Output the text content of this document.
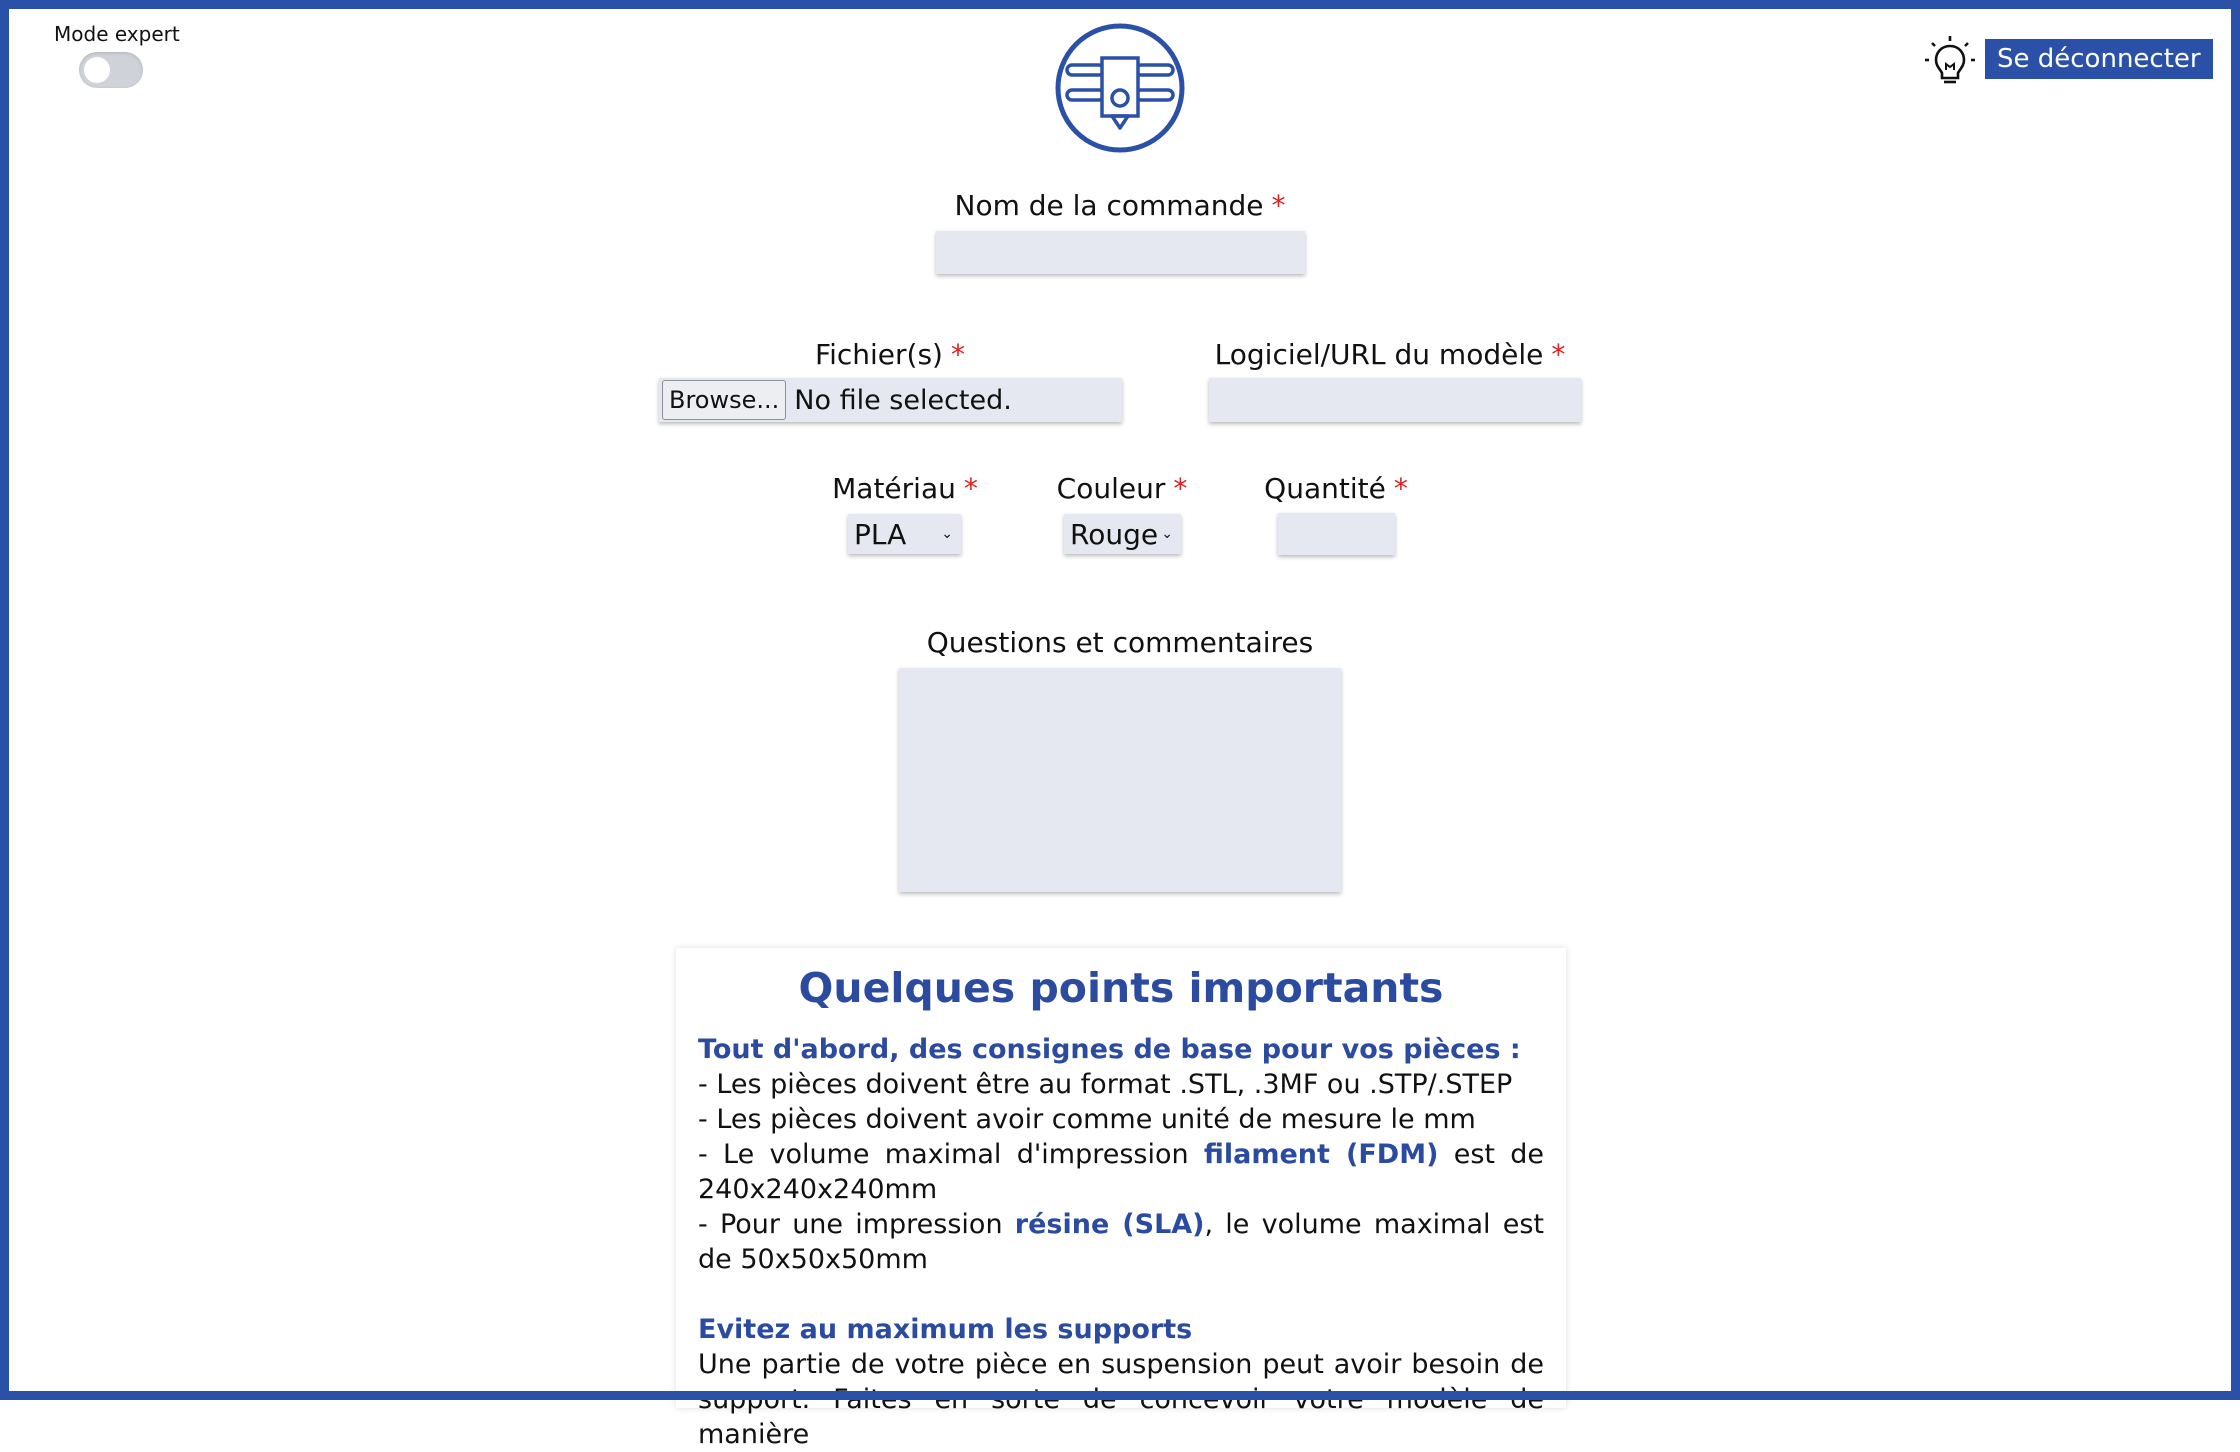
Mode expert
Se déconnecter
Nom de la commande *
Fichier(s) *
Browse... No file selected.
Logiciel/URL du modèle *
Matériau *
PLA ⌄
Couleur *
Rouge ⌄
Quantité *
Questions et commentaires
Quelques points importants
Tout d'abord, des consignes de base pour vos pièces :
- Les pièces doivent être au format .STL, .3MF ou .STP/.STEP
- Les pièces doivent avoir comme unité de mesure le mm
- Le volume maximal d'impression filament (FDM) est de 240x240x240mm
- Pour une impression résine (SLA), le volume maximal est de 50x50x50mm
Evitez au maximum les supports
Une partie de votre pièce en suspension peut avoir besoin de support. Faites en sorte de concevoir votre modèle de manière
